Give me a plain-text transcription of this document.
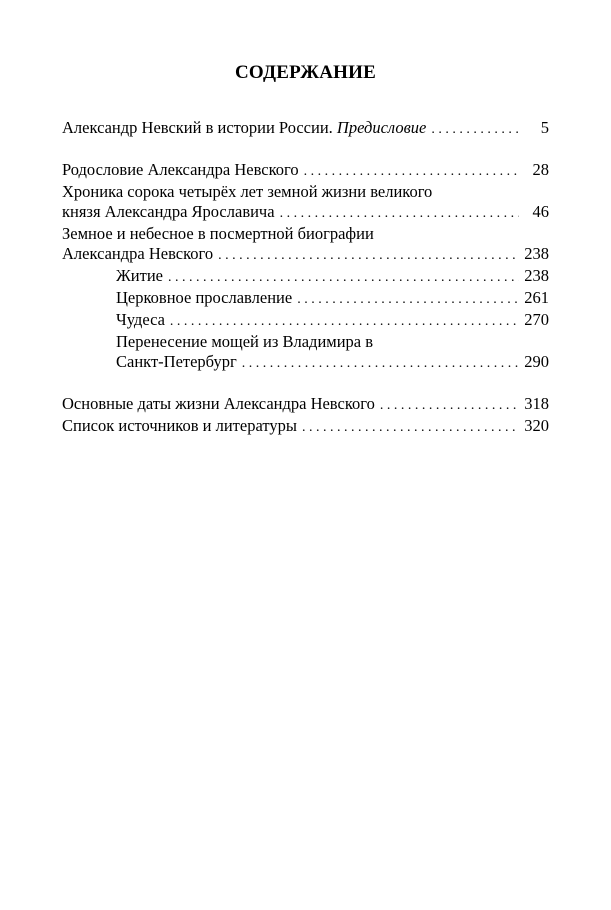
СОДЕРЖАНИЕ
Александр Невский в истории России. Предисловие . . .	5
Родословие Александра Невского . . .	28
Хроника сорока четырёх лет земной жизни великого
князя Александра Ярославича . . .	46
Земное и небесное в посмертной биографии
Александра Невского . . .	238
Житие . . .	238
Церковное прославление . . .	261
Чудеса . . .	270
Перенесение мощей из Владимира в
Санкт-Петербург . . .	290
Основные даты жизни Александра Невского . . .	318
Список источников и литературы . . .	320
